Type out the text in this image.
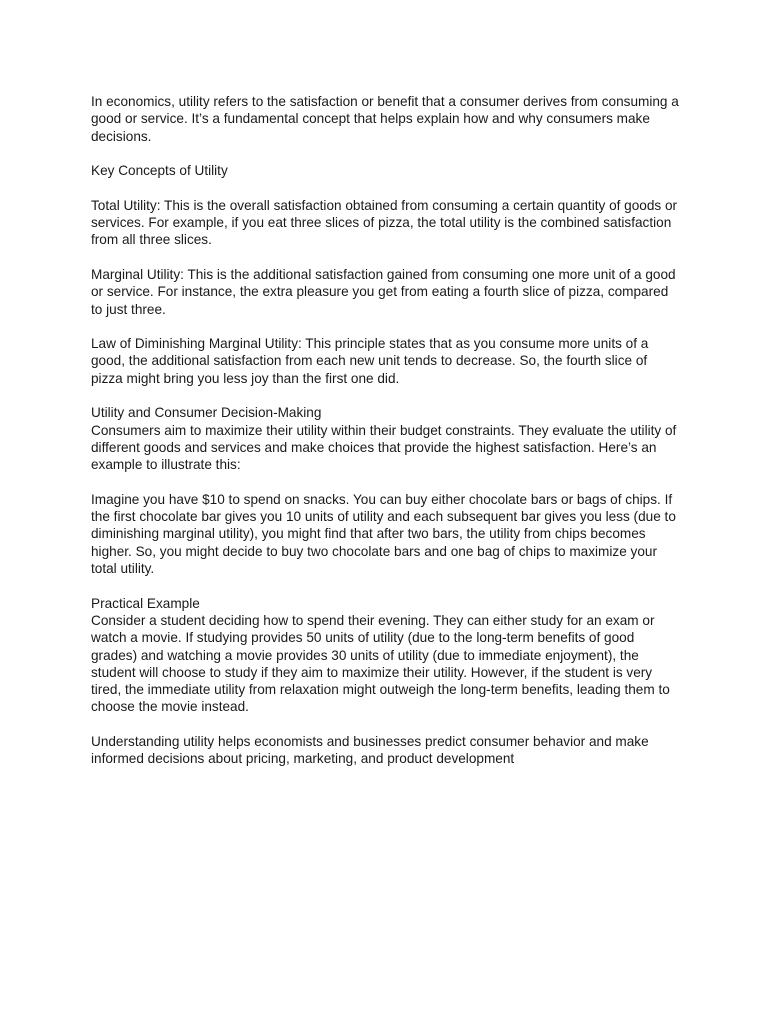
In economics, utility refers to the satisfaction or benefit that a consumer derives from consuming a good or service. It’s a fundamental concept that helps explain how and why consumers make decisions.

Key Concepts of Utility

Total Utility: This is the overall satisfaction obtained from consuming a certain quantity of goods or services. For example, if you eat three slices of pizza, the total utility is the combined satisfaction from all three slices.

Marginal Utility: This is the additional satisfaction gained from consuming one more unit of a good or service. For instance, the extra pleasure you get from eating a fourth slice of pizza, compared to just three.

Law of Diminishing Marginal Utility: This principle states that as you consume more units of a good, the additional satisfaction from each new unit tends to decrease. So, the fourth slice of pizza might bring you less joy than the first one did.

Utility and Consumer Decision-Making

Consumers aim to maximize their utility within their budget constraints. They evaluate the utility of different goods and services and make choices that provide the highest satisfaction. Here’s an example to illustrate this:

Imagine you have $10 to spend on snacks. You can buy either chocolate bars or bags of chips. If the first chocolate bar gives you 10 units of utility and each subsequent bar gives you less (due to diminishing marginal utility), you might find that after two bars, the utility from chips becomes higher. So, you might decide to buy two chocolate bars and one bag of chips to maximize your total utility.

Practical Example

Consider a student deciding how to spend their evening. They can either study for an exam or watch a movie. If studying provides 50 units of utility (due to the long-term benefits of good grades) and watching a movie provides 30 units of utility (due to immediate enjoyment), the student will choose to study if they aim to maximize their utility. However, if the student is very tired, the immediate utility from relaxation might outweigh the long-term benefits, leading them to choose the movie instead.

Understanding utility helps economists and businesses predict consumer behavior and make informed decisions about pricing, marketing, and product development
